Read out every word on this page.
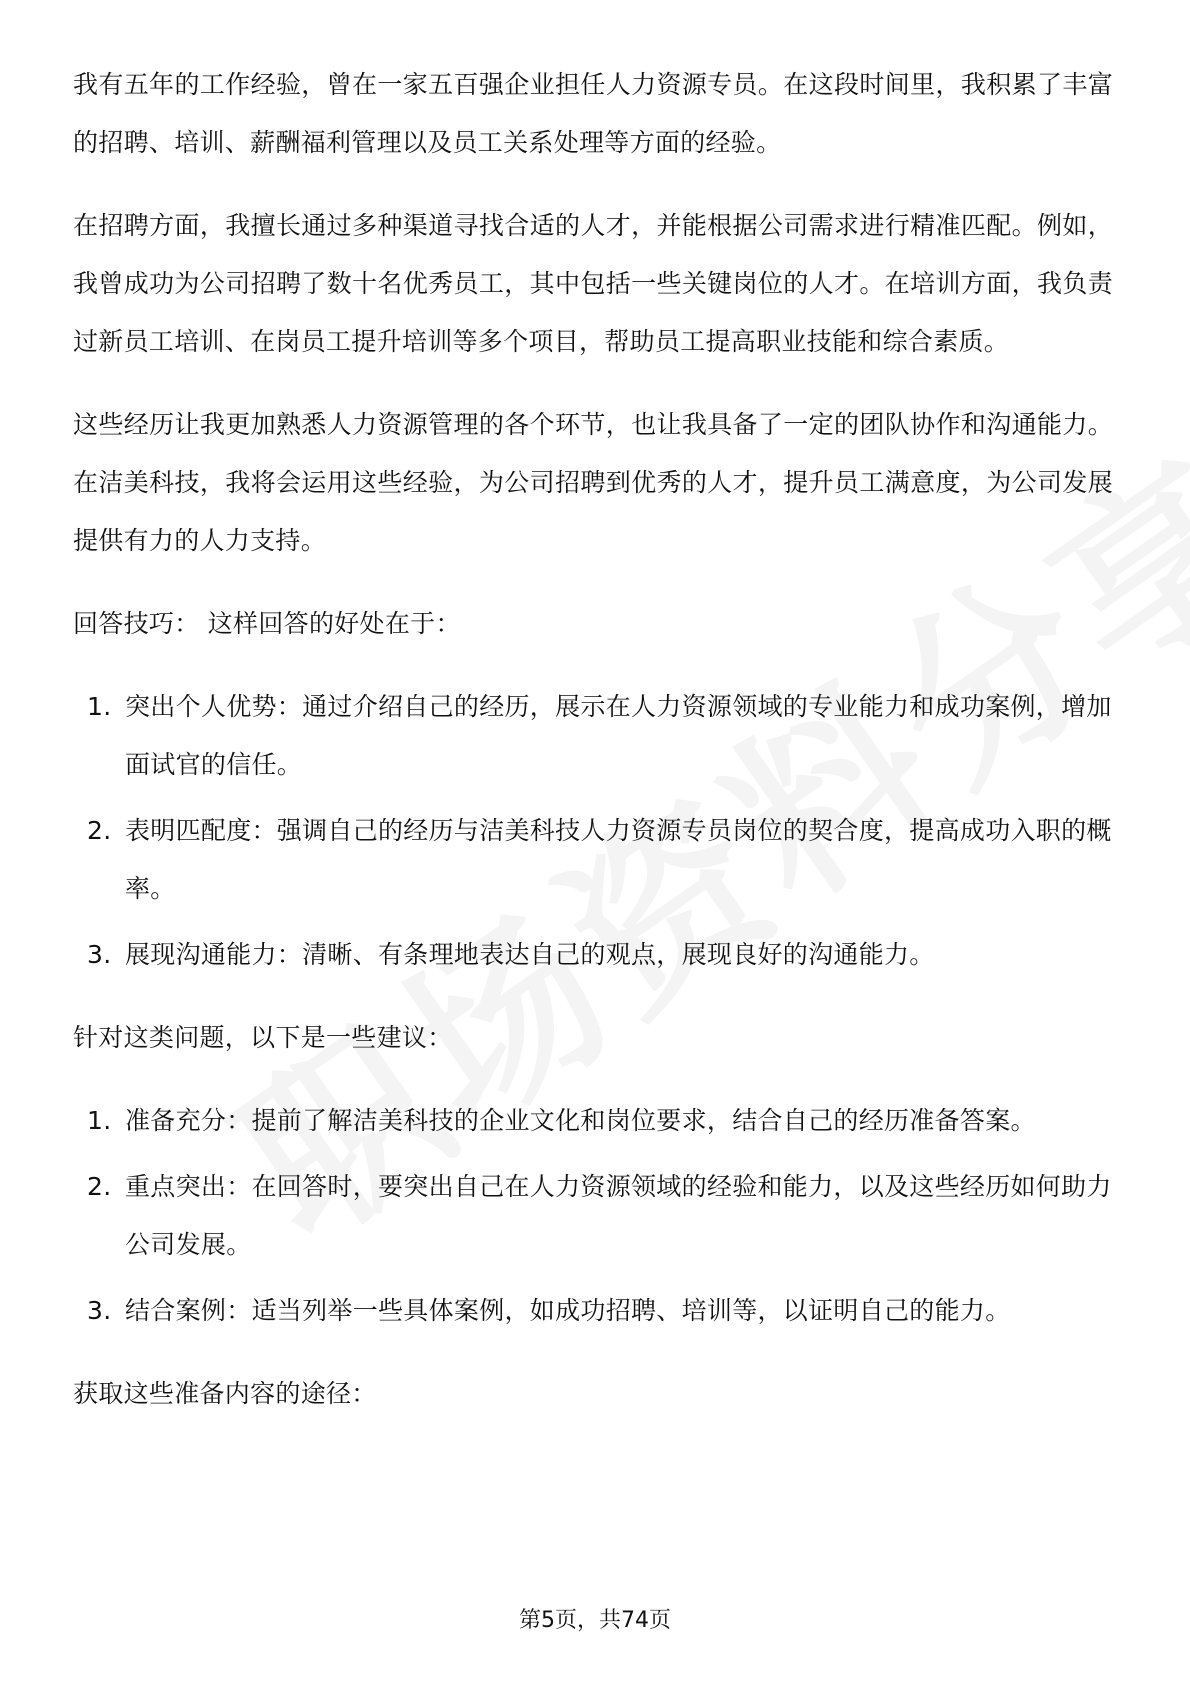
我有五年的工作经验，曾在一家五百强企业担任人力资源专员。在这段时间里，我积累了丰富的招聘、培训、薪酬福利管理以及员工关系处理等方面的经验。

在招聘方面，我擅长通过多种渠道寻找合适的人才，并能根据公司需求进行精准匹配。例如，我曾成功为公司招聘了数十名优秀员工，其中包括一些关键岗位的人才。在培训方面，我负责过新员工培训、在岗员工提升培训等多个项目，帮助员工提高职业技能和综合素质。

这些经历让我更加熟悉人力资源管理的各个环节，也让我具备了一定的团队协作和沟通能力。在洁美科技，我将会运用这些经验，为公司招聘到优秀的人才，提升员工满意度，为公司发展提供有力的人力支持。

回答技巧： 这样回答的好处在于：

1. 突出个人优势：通过介绍自己的经历，展示在人力资源领域的专业能力和成功案例，增加面试官的信任。
2. 表明匹配度：强调自己的经历与洁美科技人力资源专员岗位的契合度，提高成功入职的概率。
3. 展现沟通能力：清晰、有条理地表达自己的观点，展现良好的沟通能力。

针对这类问题，以下是一些建议：

1. 准备充分：提前了解洁美科技的企业文化和岗位要求，结合自己的经历准备答案。
2. 重点突出：在回答时，要突出自己在人力资源领域的经验和能力，以及这些经历如何助力公司发展。
3. 结合案例：适当列举一些具体案例，如成功招聘、培训等，以证明自己的能力。

获取这些准备内容的途径：

第5页，共74页
